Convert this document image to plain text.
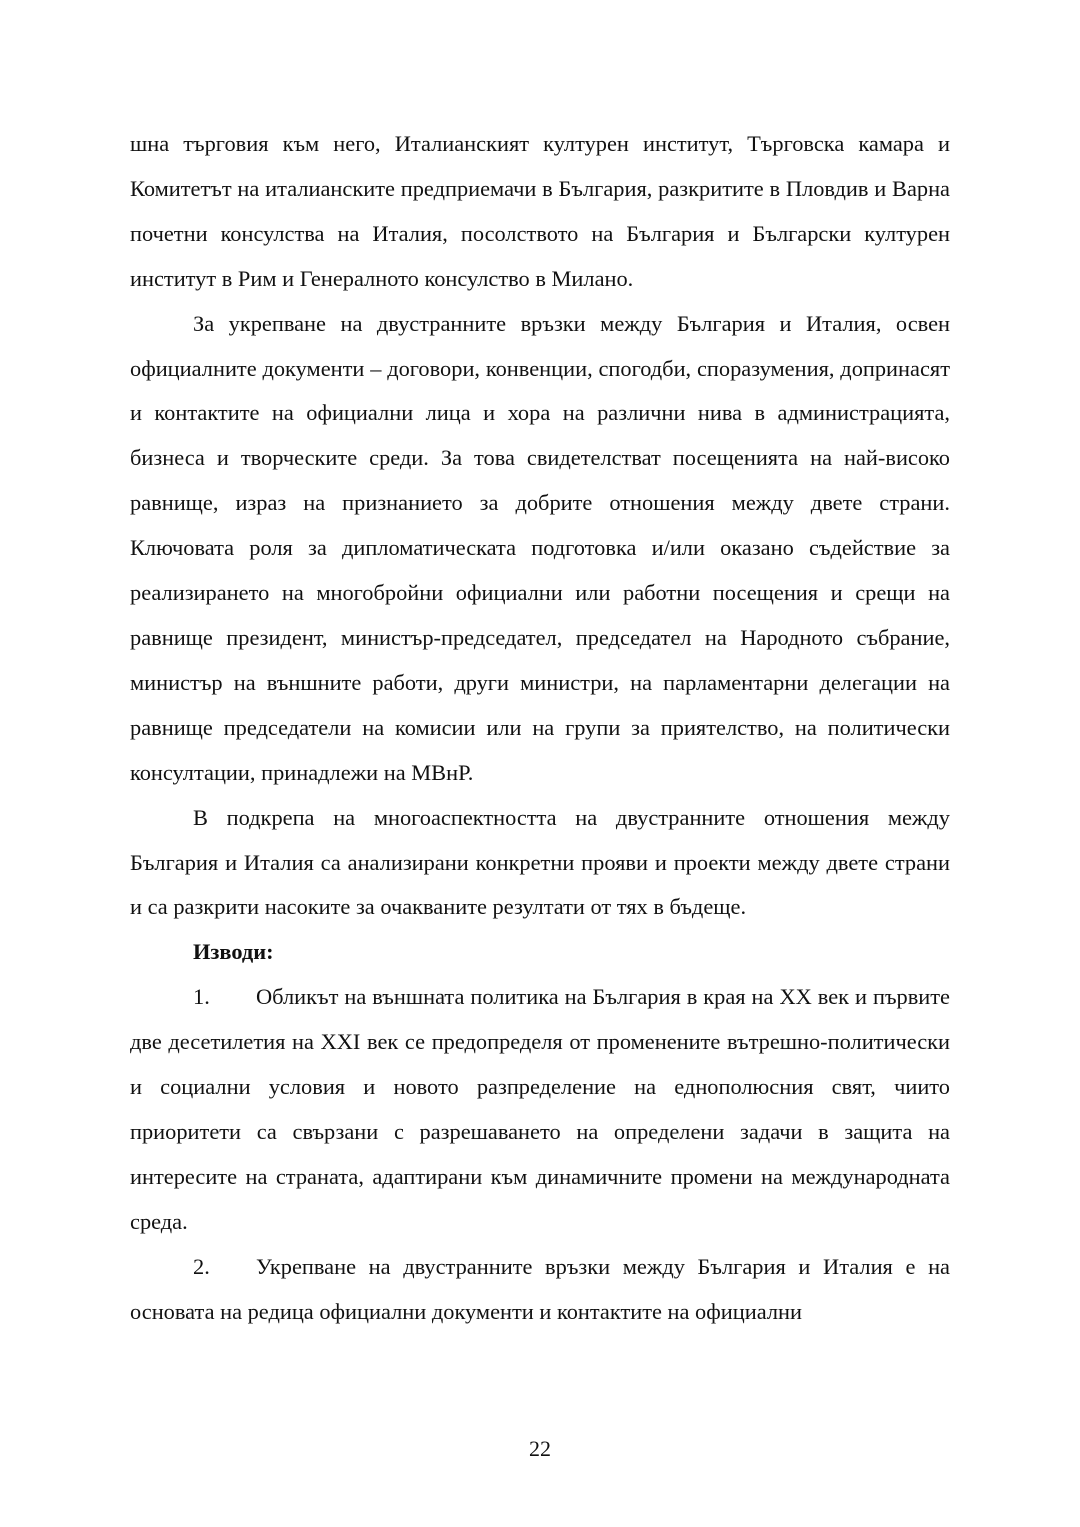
шна търговия към него, Италианският културен институт, Търговска камара и Комитетът на италианските предприемачи в България, разкритите в Пловдив и Варна почетни консулства на Италия, посолството на България и Български културен институт в Рим и Генералното консулство в Милано.

За укрепване на двустранните връзки между България и Италия, освен официалните документи – договори, конвенции, спогодби, споразумения, допринасят и контактите на официални лица и хора на различни нива в администрацията, бизнеса и творческите среди. За това свидетелстват посещенията на най-високо равнище, израз на признанието за добрите отношения между двете страни. Ключовата роля за дипломатическата подготовка и/или оказано съдействие за реализирането на многобройни официални или работни посещения и срещи на равнище президент, министър-председател, председател на Народното събрание, министър на външните работи, други министри, на парламентарни делегации на равнище председатели на комисии или на групи за приятелство, на политически консултации, принадлежи на МВнР.

В подкрепа на многоаспектността на двустранните отношения между България и Италия са анализирани конкретни прояви и проекти между двете страни и са разкрити насоките за очакваните резултати от тях в бъдеще.

Изводи:

1. Обликът на външната политика на България в края на XX век и първите две десетилетия на XXI век се предопределя от променените вътрешно-политически и социални условия и новото разпределение на еднополюсния свят, чиито приоритети са свързани с разрешаването на определени задачи в защита на интересите на страната, адаптирани към динамичните промени на международната среда.

2. Укрепване на двустранните връзки между България и Италия е на основата на редица официални документи и контактите на официални

22
